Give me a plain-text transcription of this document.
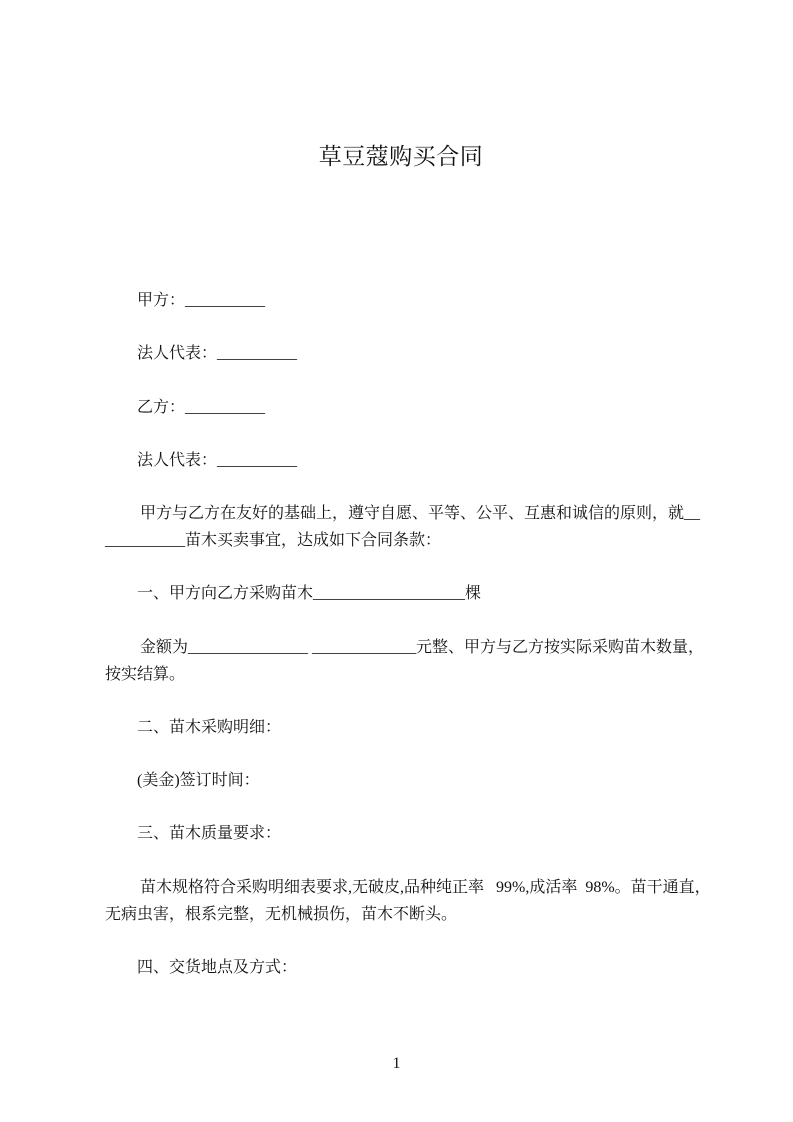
草豆蔻购买合同
甲方：__________
法人代表：__________
乙方：__________
法人代表：__________
甲方与乙方在友好的基础上，遵守自愿、平等、公平、互惠和诚信的原则，就__
__________苗木买卖事宜，达成如下合同条款：
一、甲方向乙方采购苗木___________________棵
金额为_______________ _____________元整、甲方与乙方按实际采购苗木数量，
按实结算。
二、苗木采购明细：
(美金)签订时间：
三、苗木质量要求：
苗木规格符合采购明细表要求,无破皮,品种纯正率   99%,成活率  98%。苗干通直，
无病虫害，根系完整，无机械损伤，苗木不断头。
四、交货地点及方式：
1
